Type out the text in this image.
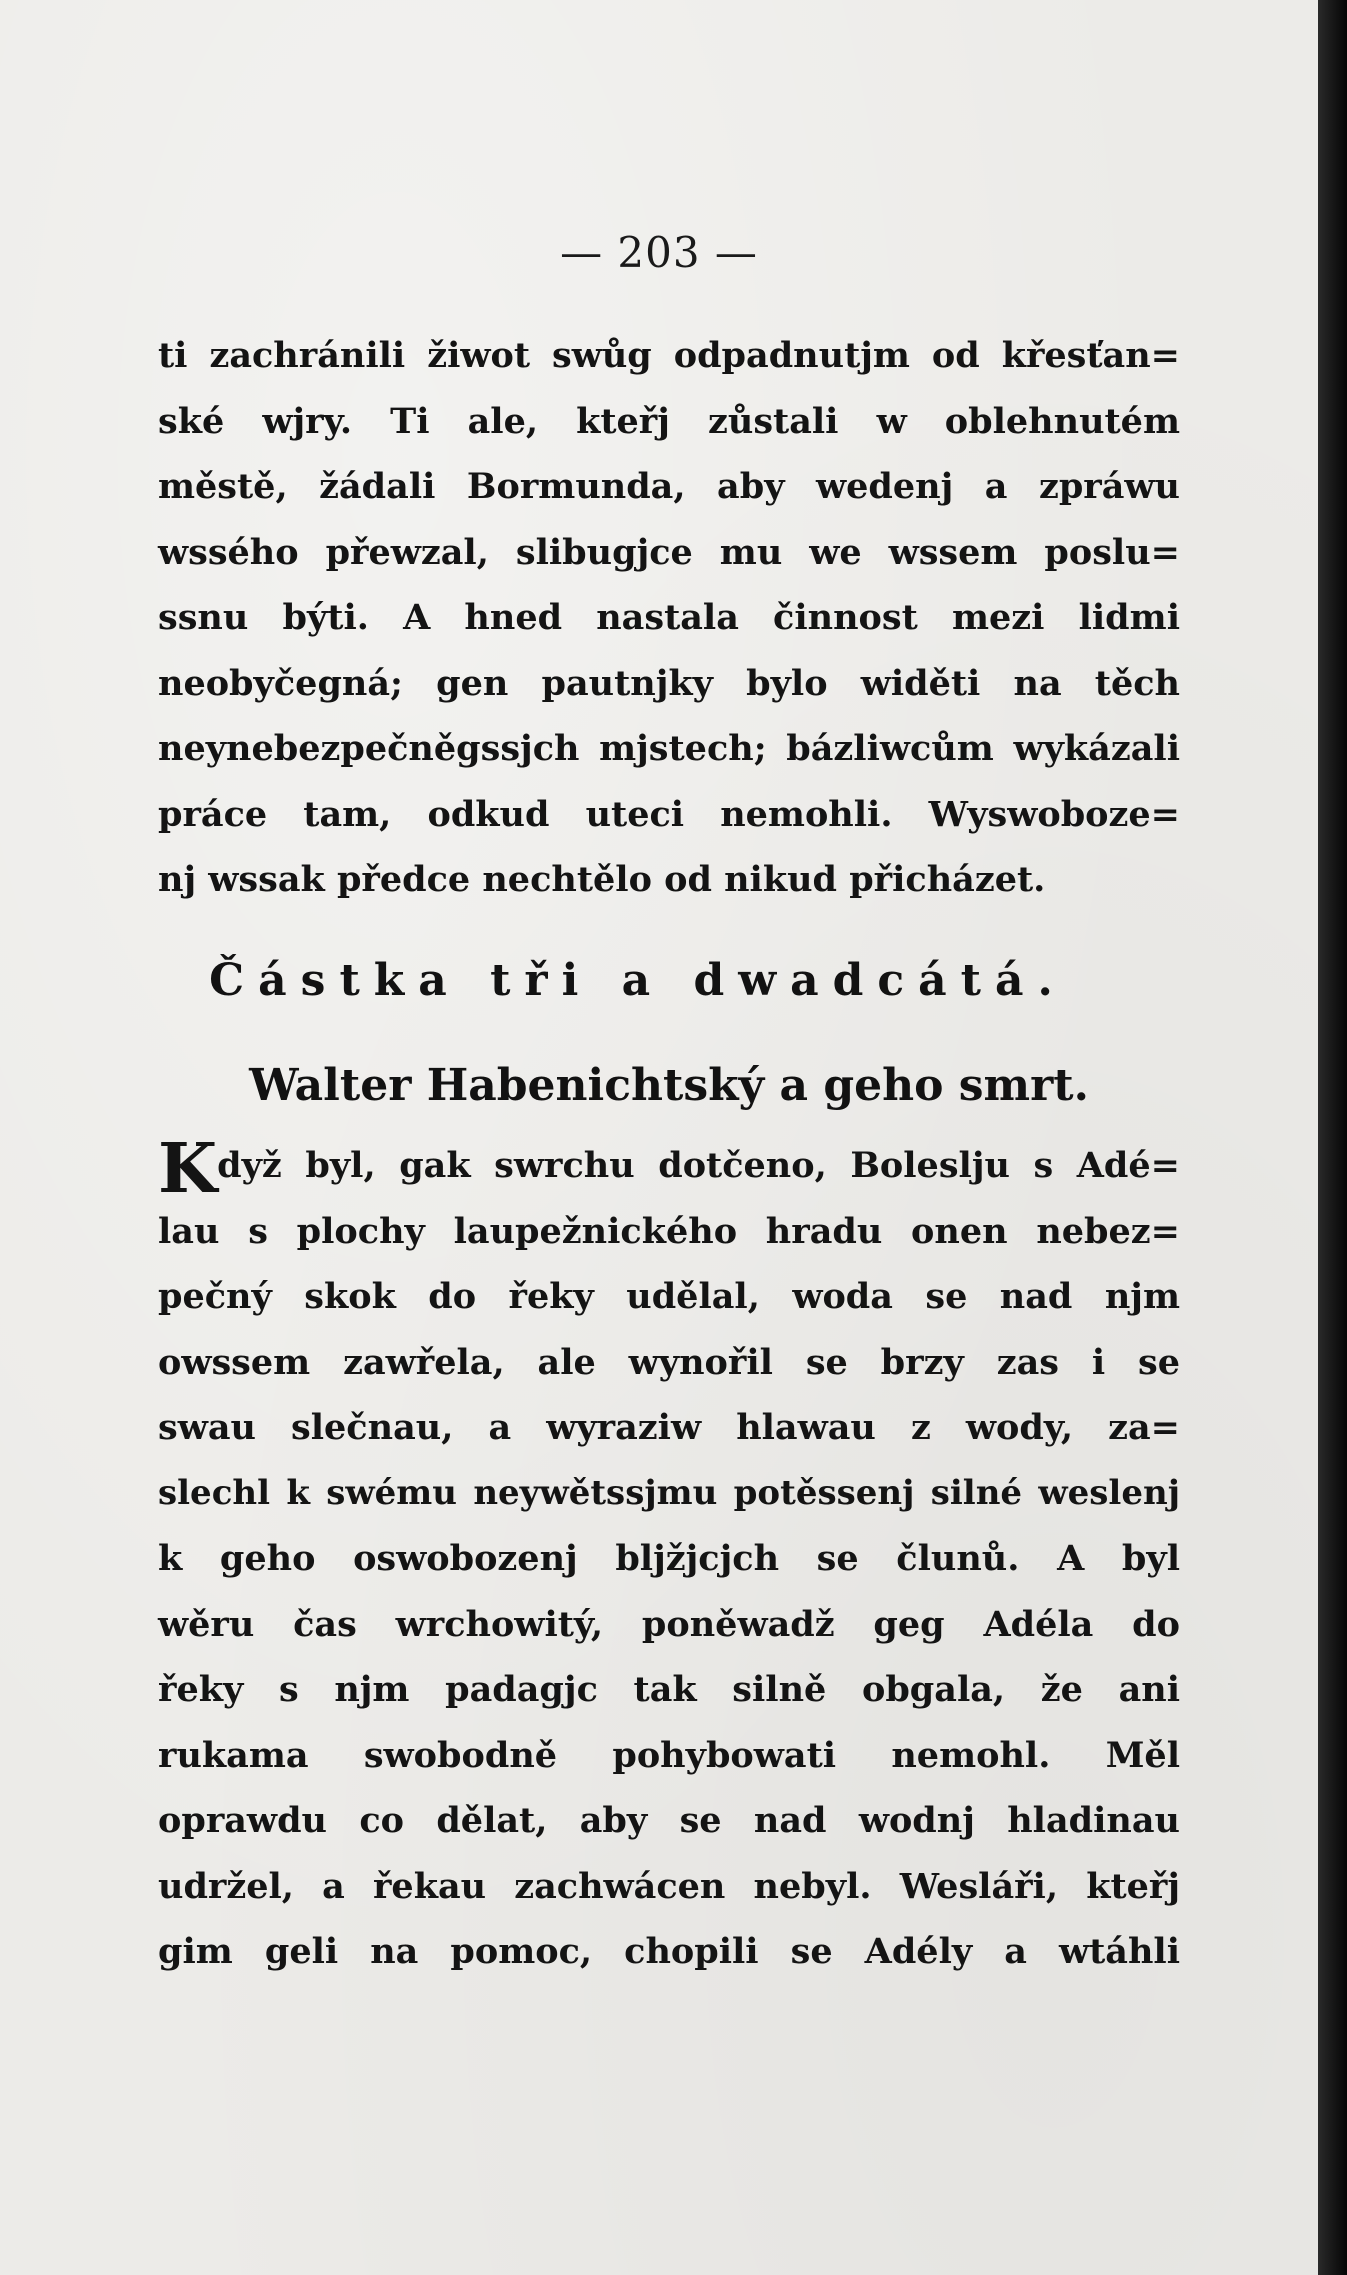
— 203 —
ti zachránili žiwot swůg odpadnutjm od křesťan=
ské wjry. Ti ale, kteřj zůstali w oblehnutém
městě, žádali Bormunda, aby wedenj a zpráwu
wssého přewzal, slibugjce mu we wssem poslu=
ssnu býti. A hned nastala činnost mezi lidmi
neobyčegná; gen pautnjky bylo widěti na těch
neynebezpečněgssjch mjstech; bázliwcům wykázali
práce tam, odkud uteci nemohli. Wyswoboze=
nj wssak předce nechtělo od nikud přicházet.
Částka tři a dwadcátá.
Walter Habenichtský a geho smrt.
Když byl, gak swrchu dotčeno, Boleslju s Adé=
lau s plochy laupežnického hradu onen nebez=
pečný skok do řeky udělal, woda se nad njm
owssem zawřela, ale wynořil se brzy zas i se
swau slečnau, a wyraziw hlawau z wody, za=
slechl k swému neywětssjmu potěssenj silné weslenj
k geho oswobozenj blјžjcjch se člunů. A byl
wěru čas wrchowitý, poněwadž geg Adéla do
řeky s njm padagjc tak silně obgala, že ani
rukama swobodně pohybowati nemohl. Měl
oprawdu co dělat, aby se nad wodnj hladinau
udržel, a řekau zachwácen nebyl. Wesláři, kteřj
gim geli na pomoc, chopili se Adély a wtáhli
